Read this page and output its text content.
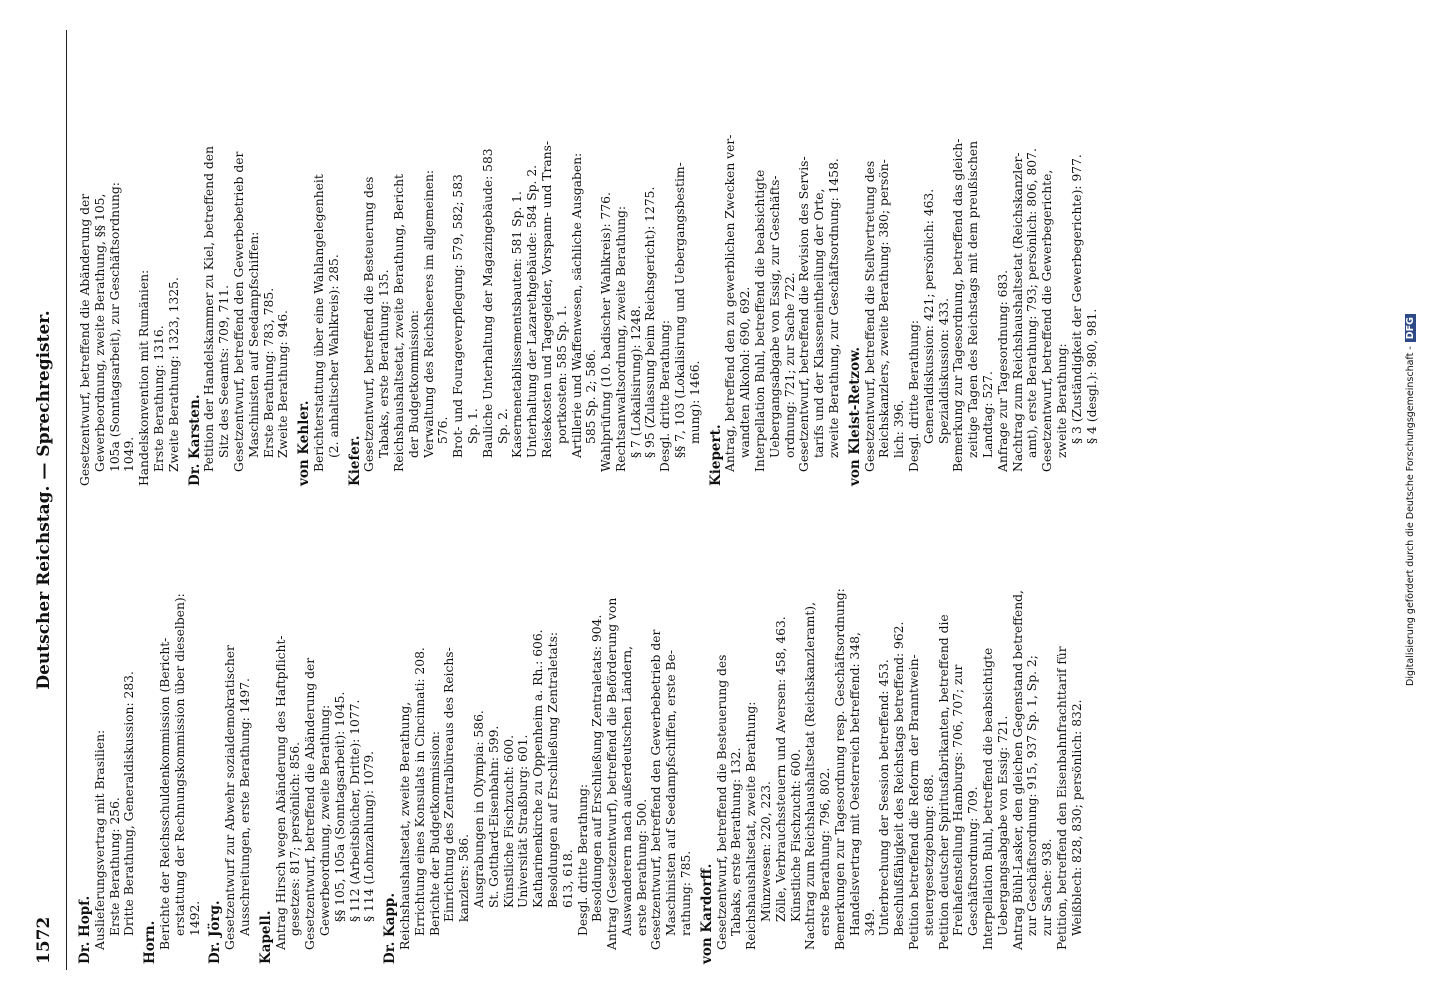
1572
Deutscher Reichstag. — Sprechregister.
Dr. Hopf. Auslieferungsvertrag mit Brasilien: Erste Berathung: 256. Dritte Berathung, Generaldiskussion: 283.
Horn. Berichte der Reichsschuldenkommission (Bericht- erstattung der Rechnungskommission über dieselben): 1492. Dr. Jörg. Gesetzentwurf zur Abwehr sozialdemokratischer Ausschreitungen, erste Berathung: 1497.
Kapell. Antrag Hirsch wegen Abänderung des Haftpflicht- gesetzes: 817; persönlich: 856. Gesetzentwurf, betreffend die Abänderung der Gewerbeordnung, zweite Berathung: §§ 105, 105a (Sonntagsarbeit): 1045. § 112 (Arbeitsbücher, Dritte): 1077. § 114 (Lohnzahlung): 1079.
Dr. Kapp. Reichshaushaltsetat, zweite Berathung, Errichtung eines Konsulats in Cincinnati: 208. Berichte der Budgetkommission: Einrichtung des Zentralbüreaus des Reichs- kanzlers: 586. Ausgrabungen in Olympia: 586. St. Gotthard-Eisenbahn: 599. Künstliche Fischzucht: 600. Universität Straßburg: 601. Katharinenkirche zu Oppenheim a. Rh.: 606. Besoldungen auf Erschließung Zentraletats: 613, 618. Desgl. dritte Berathung: Besoldungen auf Erschließung Zentraletats: 904. Antrag (Gesetzentwurf), betreffend die Beförderung von Auswanderern nach außerdeutschen Ländern, erste Berathung: 500. Gesetzentwurf, betreffend den Gewerbebetrieb der Maschinisten auf Seedampfschiffen, erste Be- rathung: 785. von Kardorff. Gesetzentwurf, betreffend die Besteuerung des Tabaks, erste Berathung: 132. Reichshaushaltsetat, zweite Berathung: Münzwesen: 220, 223. Zölle, Verbrauchssteuern und Aversen: 458, 463. Künstliche Fischzucht: 600. Nachtrag zum Reichshaushaltsetat (Reichskanzleramt), erste Berathung: 796, 802. Bemerkungen zur Tagesordnung resp. Geschäftsordnung: Handelsvertrag mit Oesterreich betreffend: 348, 349. Unterbrechung der Session betreffend: 453. Beschlußfähigkeit des Reichstags betreffend: 962. Petition betreffend die Reform der Branntwein- steuergesetzgebung: 688. Petition deutscher Spiritusfabrikanten, betreffend die Freihafenstellung Hamburgs: 706, 707; zur Geschäftsordnung: 709. Interpellation Buhl, betreffend die beabsichtigte Uebergangsabgabe von Essig: 721. Antrag Bühl-Lasker, den gleichen Gegenstand betreffend, zur Geschäftsordnung: 915, 937 Sp. 1, Sp. 2; zur Sache: 938. Petition, betreffend den Eisenbahnfrachttarif für Weißblech: 828, 830; persönlich: 832.
Gesetzentwurf, betreffend die Abänderung der Gewerbeordnung, zweite Berathung, §§ 105, 105a (Sonntagsarbeit), zur Geschäftsordnung: 1049. Handelskonvention mit Rumänien: Erste Berathung: 1316. Zweite Berathung: 1323, 1325. Dr. Karsten. Petition der Handelskammer zu Kiel, betreffend den Sitz des Seeamts: 709, 711. Gesetzentwurf, betreffend den Gewerbebetrieb der Maschinisten auf Seedampfschiffen: Erste Berathung: 783, 785. Zweite Berathung: 946. von Kehler. Berichterstattung über eine Wahlangelegenheit (2. anhaltischer Wahlkreis): 285.
Kiefer. Gesetzentwurf, betreffend die Besteuerung des Tabaks, erste Berathung: 135. Reichshaushaltsetat, zweite Berathung, Bericht der Budgetkommission: Verwaltung des Reichsheeres im allgemeinen: 576. Brot- und Fourageverpflegung: 579, 582; 583 Sp. 1. Bauliche Unterhaltung der Magazingebäude: 583 Sp. 2. Kasernenetablissementsbauten: 581 Sp. 1. Unterhaltung der Lazarethgebäude: 584 Sp. 2. Reisekosten und Tagegelder, Vorspann- und Trans- portkosten: 585 Sp. 1. Artillerie und Waffenwesen, sächliche Ausgaben: 585 Sp. 2; 586. Wahlprüfung (10. badischer Wahlkreis): 776. Rechtsanwaltsordnung, zweite Berathung: § 7 (Lokalisirung): 1248. § 95 (Zulassung beim Reichsgericht): 1275. Desgl. dritte Berathung: §§ 7, 103 (Lokalisirung und Uebergangsbestim- mung): 1466.
Kiepert. Antrag, betreffend den zu gewerblichen Zwecken ver- wandten Alkohol: 690, 692. Interpellation Buhl, betreffend die beabsichtigte Uebergangsabgabe von Essig, zur Geschäfts- ordnung: 721; zur Sache 722. Gesetzentwurf, betreffend die Revision des Servis- tarifs und der Klasseneintheilung der Orte, zweite Berathung, zur Geschäftsordnung: 1458. von Kleist-Retzow. Gesetzentwurf, betreffend die Stellvertretung des Reichskanzlers, zweite Berathung: 380; persön- lich: 396. Desgl. dritte Berathung: Generaldiskussion: 421; persönlich: 463. Spezialdiskussion: 433. Bemerkung zur Tagesordnung, betreffend das gleich- zeitige Tagen des Reichstags mit dem preußischen Landtag: 527. Anfrage zur Tagesordnung: 683. Nachtrag zum Reichshaushaltsetat (Reichskanzler- amt), erste Berathung: 793; persönlich: 806, 807. Gesetzentwurf, betreffend die Gewerbegerichte, zweite Berathung: § 3 (Zuständigkeit der Gewerbegerichte): 977. § 4 (desgl.): 980, 981.	Digitalisierung gefördert durch die Deutsche Forschungsgemeinschaft -DFG
